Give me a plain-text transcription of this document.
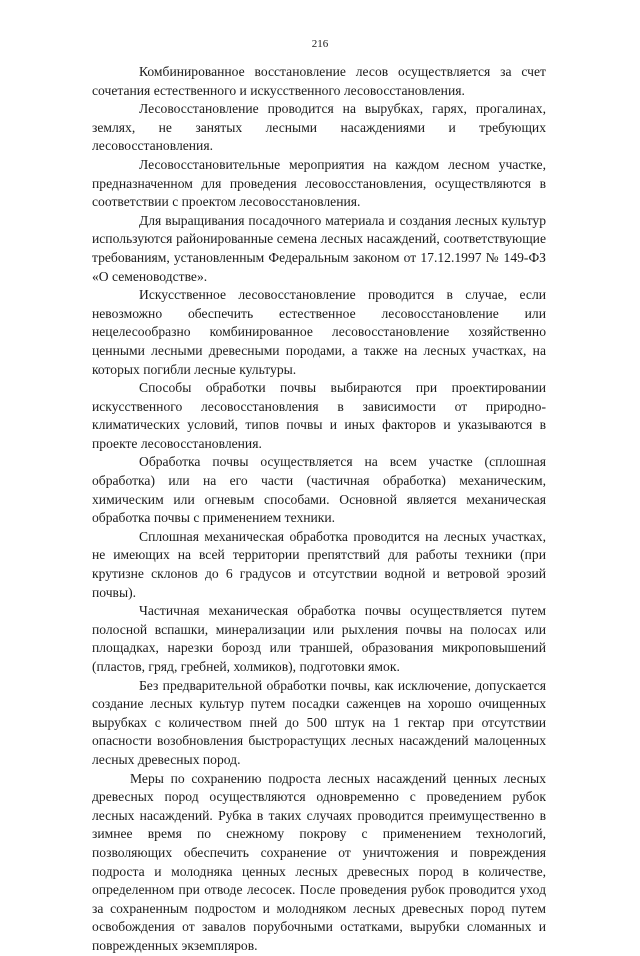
216

Комбинированное восстановление лесов осуществляется за счет сочетания естественного и искусственного лесовосстановления.

Лесовосстановление проводится на вырубках, гарях, прогалинах, землях, не занятых лесными насаждениями и требующих лесовосстановления.

Лесовосстановительные мероприятия на каждом лесном участке, предназначенном для проведения лесовосстановления, осуществляются в соответствии с проектом лесовосстановления.

Для выращивания посадочного материала и создания лесных культур используются районированные семена лесных насаждений, соответствующие требованиям, установленным Федеральным законом от 17.12.1997 № 149-ФЗ «О семеноводстве».

Искусственное лесовосстановление проводится в случае, если невозможно обеспечить естественное лесовосстановление или нецелесообразно комбинированное лесовосстановление хозяйственно ценными лесными древесными породами, а также на лесных участках, на которых погибли лесные культуры.

Способы обработки почвы выбираются при проектировании искусственного лесовосстановления в зависимости от природно-климатических условий, типов почвы и иных факторов и указываются в проекте лесовосстановления.

Обработка почвы осуществляется на всем участке (сплошная обработка) или на его части (частичная обработка) механическим, химическим или огневым способами. Основной является механическая обработка почвы с применением техники.

Сплошная механическая обработка проводится на лесных участках, не имеющих на всей территории препятствий для работы техники (при крутизне склонов до 6 градусов и отсутствии водной и ветровой эрозий почвы).

Частичная механическая обработка почвы осуществляется путем полосной вспашки, минерализации или рыхления почвы на полосах или площадках, нарезки борозд или траншей, образования микроповышений (пластов, гряд, гребней, холмиков), подготовки ямок.

Без предварительной обработки почвы, как исключение, допускается создание лесных культур путем посадки саженцев на хорошо очищенных вырубках с количеством пней до 500 штук на 1 гектар при отсутствии опасности возобновления быстрорастущих лесных насаждений малоценных лесных древесных пород.

Меры по сохранению подроста лесных насаждений ценных лесных древесных пород осуществляются одновременно с проведением рубок лесных насаждений. Рубка в таких случаях проводится преимущественно в зимнее время по снежному покрову с применением технологий, позволяющих обеспечить сохранение от уничтожения и повреждения подроста и молодняка ценных лесных древесных пород в количестве, определенном при отводе лесосек. После проведения рубок проводится уход за сохраненным подростом и молодняком лесных древесных пород путем освобождения от завалов порубочными остатками, вырубки сломанных и поврежденных экземпляров.
